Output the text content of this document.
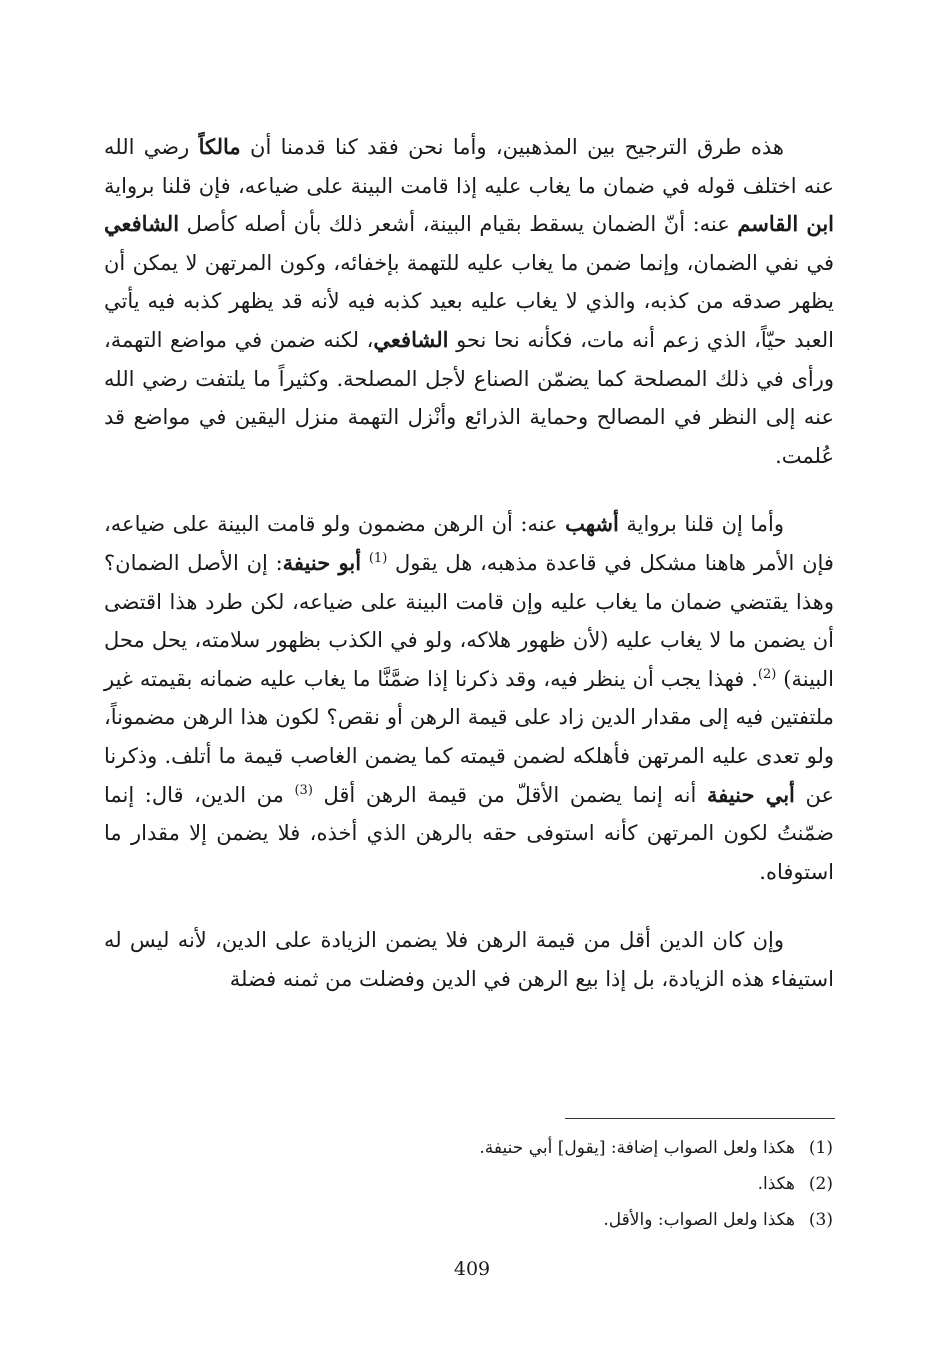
هذه طرق الترجيح بين المذهبين، وأما نحن فقد كنا قدمنا أن مالكاً رضي الله عنه اختلف قوله في ضمان ما يغاب عليه إذا قامت البينة على ضياعه، فإن قلنا برواية ابن القاسم عنه: أنّ الضمان يسقط بقيام البينة، أشعر ذلك بأن أصله كأصل الشافعي في نفي الضمان، وإنما ضمن ما يغاب عليه للتهمة بإخفائه، وكون المرتهن لا يمكن أن يظهر صدقه من كذبه، والذي لا يغاب عليه بعيد كذبه فيه لأنه قد يظهر كذبه فيه يأتي العبد حيّاً، الذي زعم أنه مات، فكأنه نحا نحو الشافعي، لكنه ضمن في مواضع التهمة، ورأى في ذلك المصلحة كما يضمّن الصناع لأجل المصلحة. وكثيراً ما يلتفت رضي الله عنه إلى النظر في المصالح وحماية الذرائع وأنْزل التهمة منزل اليقين في مواضع قد عُلمت.

وأما إن قلنا برواية أشهب عنه: أن الرهن مضمون ولو قامت البينة على ضياعه، فإن الأمر هاهنا مشكل في قاعدة مذهبه، هل يقول $^{(1)}$ أبو حنيفة: إن الأصل الضمان؟ وهذا يقتضي ضمان ما يغاب عليه وإن قامت البينة على ضياعه، لكن طرد هذا اقتضى أن يضمن ما لا يغاب عليه (لأن ظهور هلاكه، ولو في الكذب بظهور سلامته، يحل محل البينة) $^{(2)}$. فهذا يجب أن ينظر فيه، وقد ذكرنا إذا ضمَّنَّا ما يغاب عليه ضمانه بقيمته غير ملتفتين فيه إلى مقدار الدين زاد على قيمة الرهن أو نقص؟ لكون هذا الرهن مضموناً، ولو تعدى عليه المرتهن فأهلكه لضمن قيمته كما يضمن الغاصب قيمة ما أتلف. وذكرنا عن أبي حنيفة أنه إنما يضمن الأقلّ من قيمة الرهن أقل $^{(3)}$ من الدين، قال: إنما ضمّنتُ لكون المرتهن كأنه استوفى حقه بالرهن الذي أخذه، فلا يضمن إلا مقدار ما استوفاه.

وإن كان الدين أقل من قيمة الرهن فلا يضمن الزيادة على الدين، لأنه ليس له استيفاء هذه الزيادة، بل إذا بيع الرهن في الدين وفضلت من ثمنه فضلة

(1)هكذا ولعل الصواب إضافة: [يقول] أبي حنيفة.
(2)هكذا.
(3)هكذا ولعل الصواب: والأقل.
409
